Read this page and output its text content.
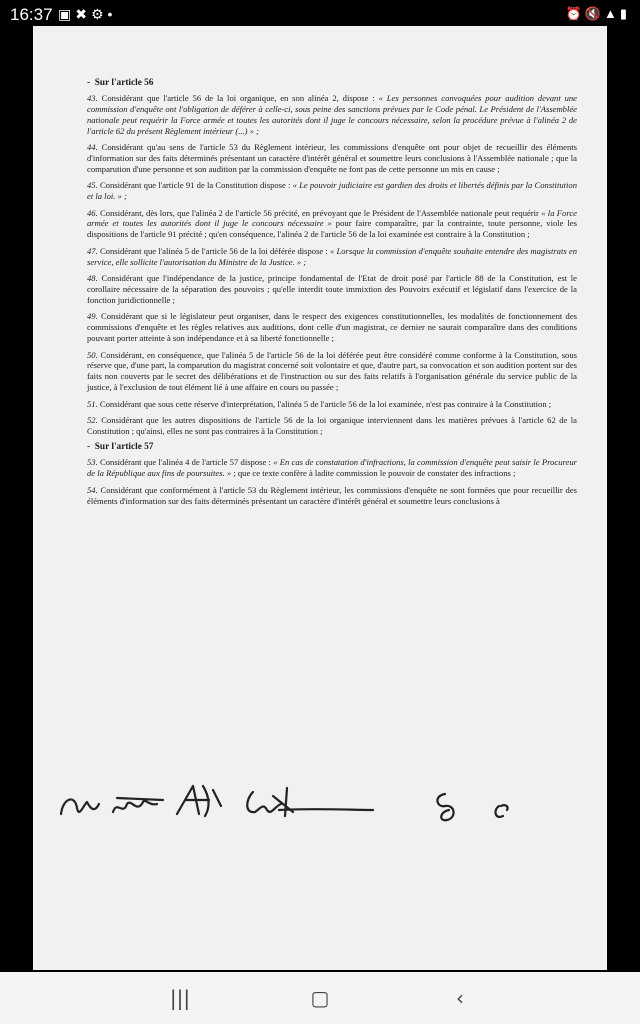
16:37 ▣✖⚙•	⏰🔇▲▮
-  Sur l'article 56

43. Considérant que l'article 56 de la loi organique, en son alinéa 2, dispose : « Les personnes convoquées pour audition devant une commission d'enquête ont l'obligation de déférer à celle-ci, sous peine des sanctions prévues par le Code pénal. Le Président de l'Assemblée nationale peut requérir la Force armée et toutes les autorités dont il juge le concours nécessaire, selon la procédure prévue à l'alinéa 2 de l'article 62 du présent Règlement intérieur (...) » ;

44. Considérant qu'au sens de l'article 53 du Règlement intérieur, les commissions d'enquête ont pour objet de recueillir des éléments d'information sur des faits déterminés présentant un caractère d'intérêt général et soumettre leurs conclusions à l'Assemblée nationale ; que la comparution d'une personne et son audition par la commission d'enquête ne font pas de cette personne un mis en cause ;

45. Considérant que l'article 91 de la Constitution dispose : « Le pouvoir judiciaire est gardien des droits et libertés définis par la Constitution et la loi. » ;

46. Considérant, dès lors, que l'alinéa 2 de l'article 56 précité, en prévoyant que le Président de l'Assemblée nationale peut requérir « la Force armée et toutes les autorités dont il juge le concours nécessaire » pour faire comparaître, par la contrainte, toute personne, viole les dispositions de l'article 91 précité ; qu'en conséquence, l'alinéa 2 de l'article 56 de la loi examinée est contraire à la Constitution ;

47. Considérant que l'alinéa 5 de l'article 56 de la loi déférée dispose : « Lorsque la commission d'enquête souhaite entendre des magistrats en service, elle sollicite l'autorisation du Ministre de la Justice. » ;

48. Considérant que l'indépendance de la justice, principe fondamental de l'Etat de droit posé par l'article 88 de la Constitution, est le corollaire nécessaire de la séparation des pouvoirs ; qu'elle interdit toute immixtion des Pouvoirs exécutif et législatif dans l'exercice de la fonction juridictionnelle ;

49. Considérant que si le législateur peut organiser, dans le respect des exigences constitutionnelles, les modalités de fonctionnement des commissions d'enquête et les règles relatives aux auditions, dont celle d'un magistrat, ce dernier ne saurait comparaître dans des conditions pouvant porter atteinte à son indépendance et à sa liberté fonctionnelle ;

50. Considérant, en conséquence, que l'alinéa 5 de l'article 56 de la loi déférée peut être considéré comme conforme à la Constitution, sous réserve que, d'une part, la comparution du magistrat concerné soit volontaire et que, d'autre part, sa convocation et son audition portent sur des faits non couverts par le secret des délibérations et de l'instruction ou sur des faits relatifs à l'organisation générale du service public de la justice, à l'exclusion de tout élément lié à une affaire en cours ou passée ;

51. Considérant que sous cette réserve d'interprétation, l'alinéa 5 de l'article 56 de la loi examinée, n'est pas contraire à la Constitution ;

52. Considérant que les autres dispositions de l'article 56 de la loi organique interviennent dans les matières prévues à l'article 62 de la Constitution ; qu'ainsi, elles ne sont pas contraires à la Constitution ;

-  Sur l'article 57

53. Considérant que l'alinéa 4 de l'article 57 dispose : « En cas de constatation d'infractions, la commission d'enquête peut saisir le Procureur de la République aux fins de poursuites. » ; que ce texte confère à ladite commission le pouvoir de constater des infractions ;

54. Considérant que conformément à l'article 53 du Règlement intérieur, les commissions d'enquête ne sont formées que pour recueillir des éléments d'information sur des faits déterminés présentant un caractère d'intérêt général et soumettre leurs conclusions à

|||	▢	‹
